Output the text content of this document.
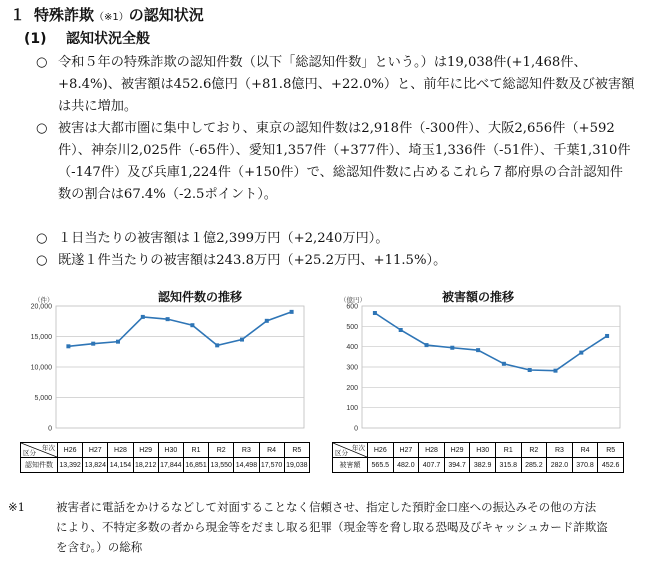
１ 特殊詐欺（※1）の認知状況
(1) 認知状況全般
○ 令和５年の特殊詐欺の認知件数（以下「総認知件数」という。）は19,038件(+1,468件、+8.4%)、被害額は452.6億円（+81.8億円、+22.0%）と、前年に比べて総認知件数及び被害額は共に増加。
○ 被害は大都市圏に集中しており、東京の認知件数は2,918件（-300件）、大阪2,656件（+592件）、神奈川2,025件（-65件）、愛知1,357件（+377件）、埼玉1,336件（-51件）、千葉1,310件（-147件）及び兵庫1,224件（+150件）で、総認知件数に占めるこれら７都府県の合計認知件数の割合は67.4%（-2.5ポイント）。
○ １日当たりの被害額は１億2,399万円（+2,240万円）。
○ 既遂１件当たりの被害額は243.8万円（+25.2万円、+11.5%）。
認知件数の推移
（件）
0
5,000
10,000
15,000
20,000
年次
区分	H26	H27	H28	H29	H30	R1	R2	R3	R4	R5
認知件数	13,392	13,824	14,154	18,212	17,844	16,851	13,550	14,498	17,570	19,038
被害額の推移
（億円）
0
100
200
300
400
500
600
年次
区分	H26	H27	H28	H29	H30	R1	R2	R3	R4	R5
被害額	565.5	482.0	407.7	394.7	382.9	315.8	285.2	282.0	370.8	452.6
※1	被害者に電話をかけるなどして対面することなく信頼させ、指定した預貯金口座への振込みその他の方法
により、不特定多数の者から現金等をだまし取る犯罪（現金等を脅し取る恐喝及びキャッシュカード詐欺盗
を含む。）の総称
